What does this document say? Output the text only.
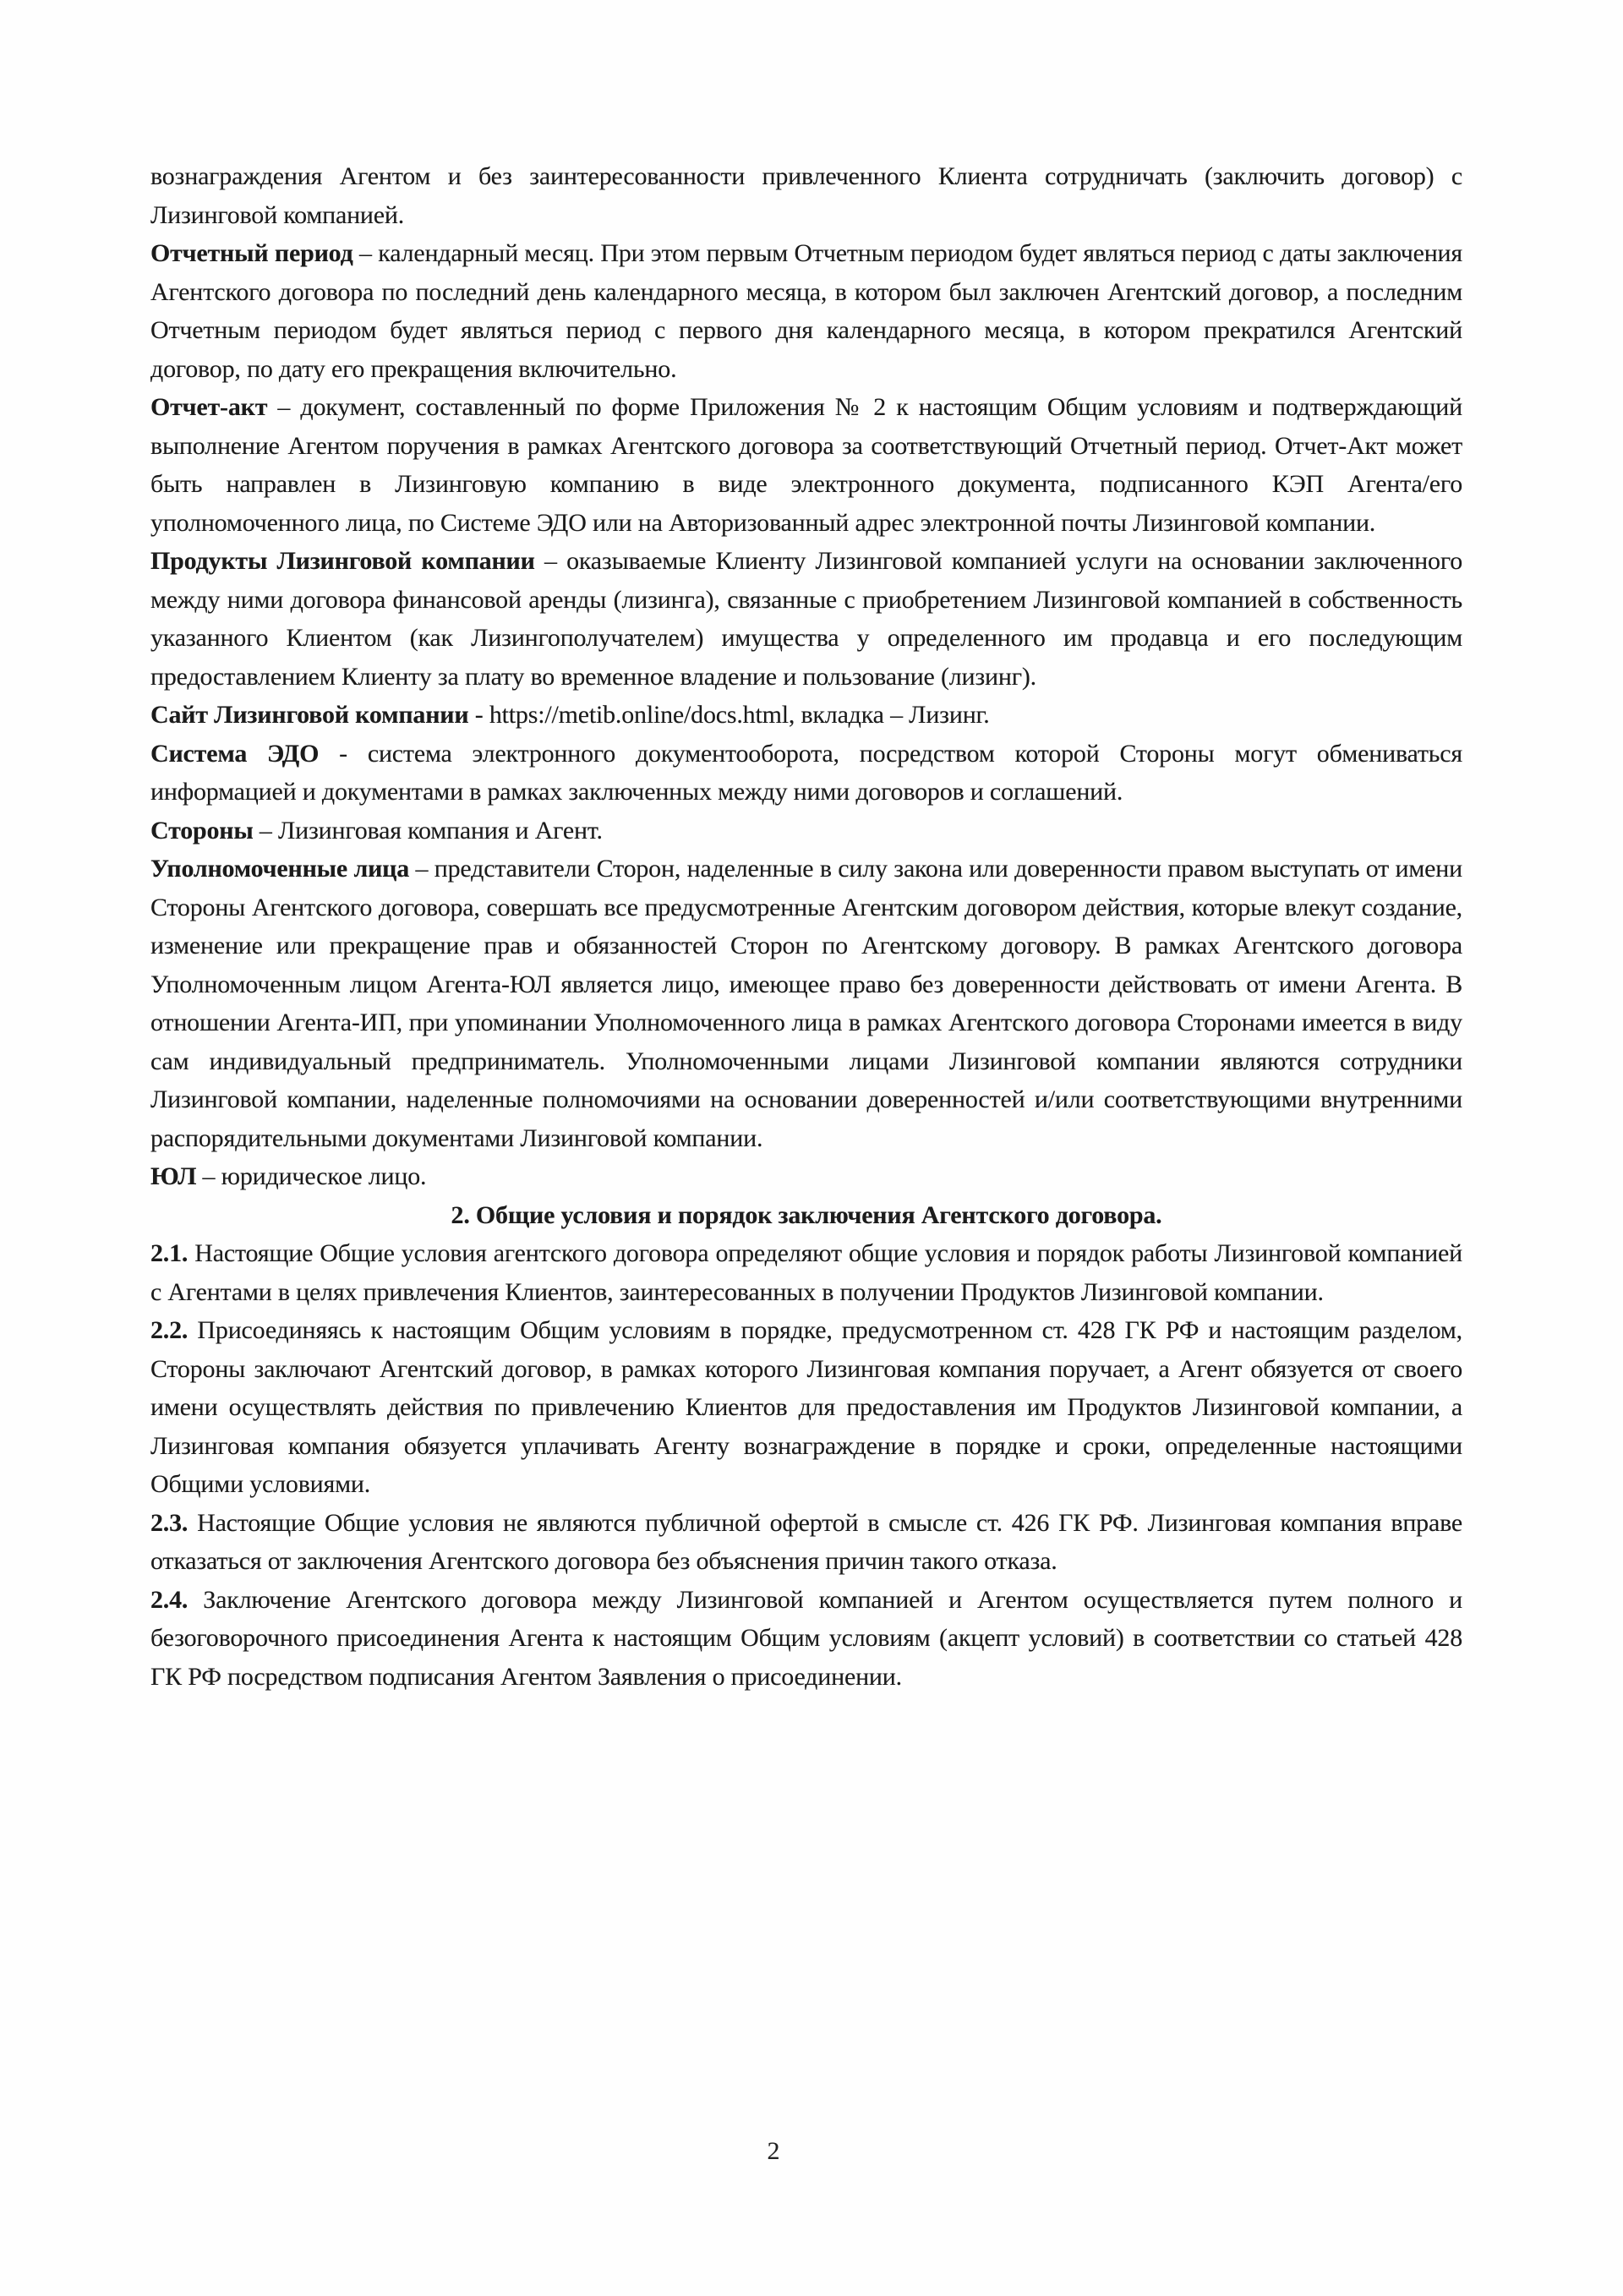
вознаграждения Агентом и без заинтересованности привлеченного Клиента сотрудничать (заключить договор) с Лизинговой компанией.

Отчетный период – календарный месяц. При этом первым Отчетным периодом будет являться период с даты заключения Агентского договора по последний день календарного месяца, в котором был заключен Агентский договор, а последним Отчетным периодом будет являться период с первого дня календарного месяца, в котором прекратился Агентский договор, по дату его прекращения включительно.

Отчет-акт – документ, составленный по форме Приложения № 2 к настоящим Общим условиям и подтверждающий выполнение Агентом поручения в рамках Агентского договора за соответствующий Отчетный период. Отчет-Акт может быть направлен в Лизинговую компанию в виде электронного документа, подписанного КЭП Агента/его уполномоченного лица, по Системе ЭДО или на Авторизованный адрес электронной почты Лизинговой компании.

Продукты Лизинговой компании – оказываемые Клиенту Лизинговой компанией услуги на основании заключенного между ними договора финансовой аренды (лизинга), связанные с приобретением Лизинговой компанией в собственность указанного Клиентом (как Лизингополучателем) имущества у определенного им продавца и его последующим предоставлением Клиенту за плату во временное владение и пользование (лизинг).

Сайт Лизинговой компании - https://metib.online/docs.html, вкладка – Лизинг.

Система ЭДО - система электронного документооборота, посредством которой Стороны могут обмениваться информацией и документами в рамках заключенных между ними договоров и соглашений.

Стороны – Лизинговая компания и Агент.

Уполномоченные лица – представители Сторон, наделенные в силу закона или доверенности правом выступать от имени Стороны Агентского договора, совершать все предусмотренные Агентским договором действия, которые влекут создание, изменение или прекращение прав и обязанностей Сторон по Агентскому договору. В рамках Агентского договора Уполномоченным лицом Агента-ЮЛ является лицо, имеющее право без доверенности действовать от имени Агента. В отношении Агента-ИП, при упоминании Уполномоченного лица в рамках Агентского договора Сторонами имеется в виду сам индивидуальный предприниматель. Уполномоченными лицами Лизинговой компании являются сотрудники Лизинговой компании, наделенные полномочиями на основании доверенностей и/или соответствующими внутренними распорядительными документами Лизинговой компании.

ЮЛ – юридическое лицо.

2. Общие условия и порядок заключения Агентского договора.

2.1. Настоящие Общие условия агентского договора определяют общие условия и порядок работы Лизинговой компанией с Агентами в целях привлечения Клиентов, заинтересованных в получении Продуктов Лизинговой компании.

2.2. Присоединяясь к настоящим Общим условиям в порядке, предусмотренном ст. 428 ГК РФ и настоящим разделом, Стороны заключают Агентский договор, в рамках которого Лизинговая компания поручает, а Агент обязуется от своего имени осуществлять действия по привлечению Клиентов для предоставления им Продуктов Лизинговой компании, а Лизинговая компания обязуется уплачивать Агенту вознаграждение в порядке и сроки, определенные настоящими Общими условиями.

2.3. Настоящие Общие условия не являются публичной офертой в смысле ст. 426 ГК РФ. Лизинговая компания вправе отказаться от заключения Агентского договора без объяснения причин такого отказа.

2.4. Заключение Агентского договора между Лизинговой компанией и Агентом осуществляется путем полного и безоговорочного присоединения Агента к настоящим Общим условиям (акцепт условий) в соответствии со статьей 428 ГК РФ посредством подписания Агентом Заявления о присоединении.

2
